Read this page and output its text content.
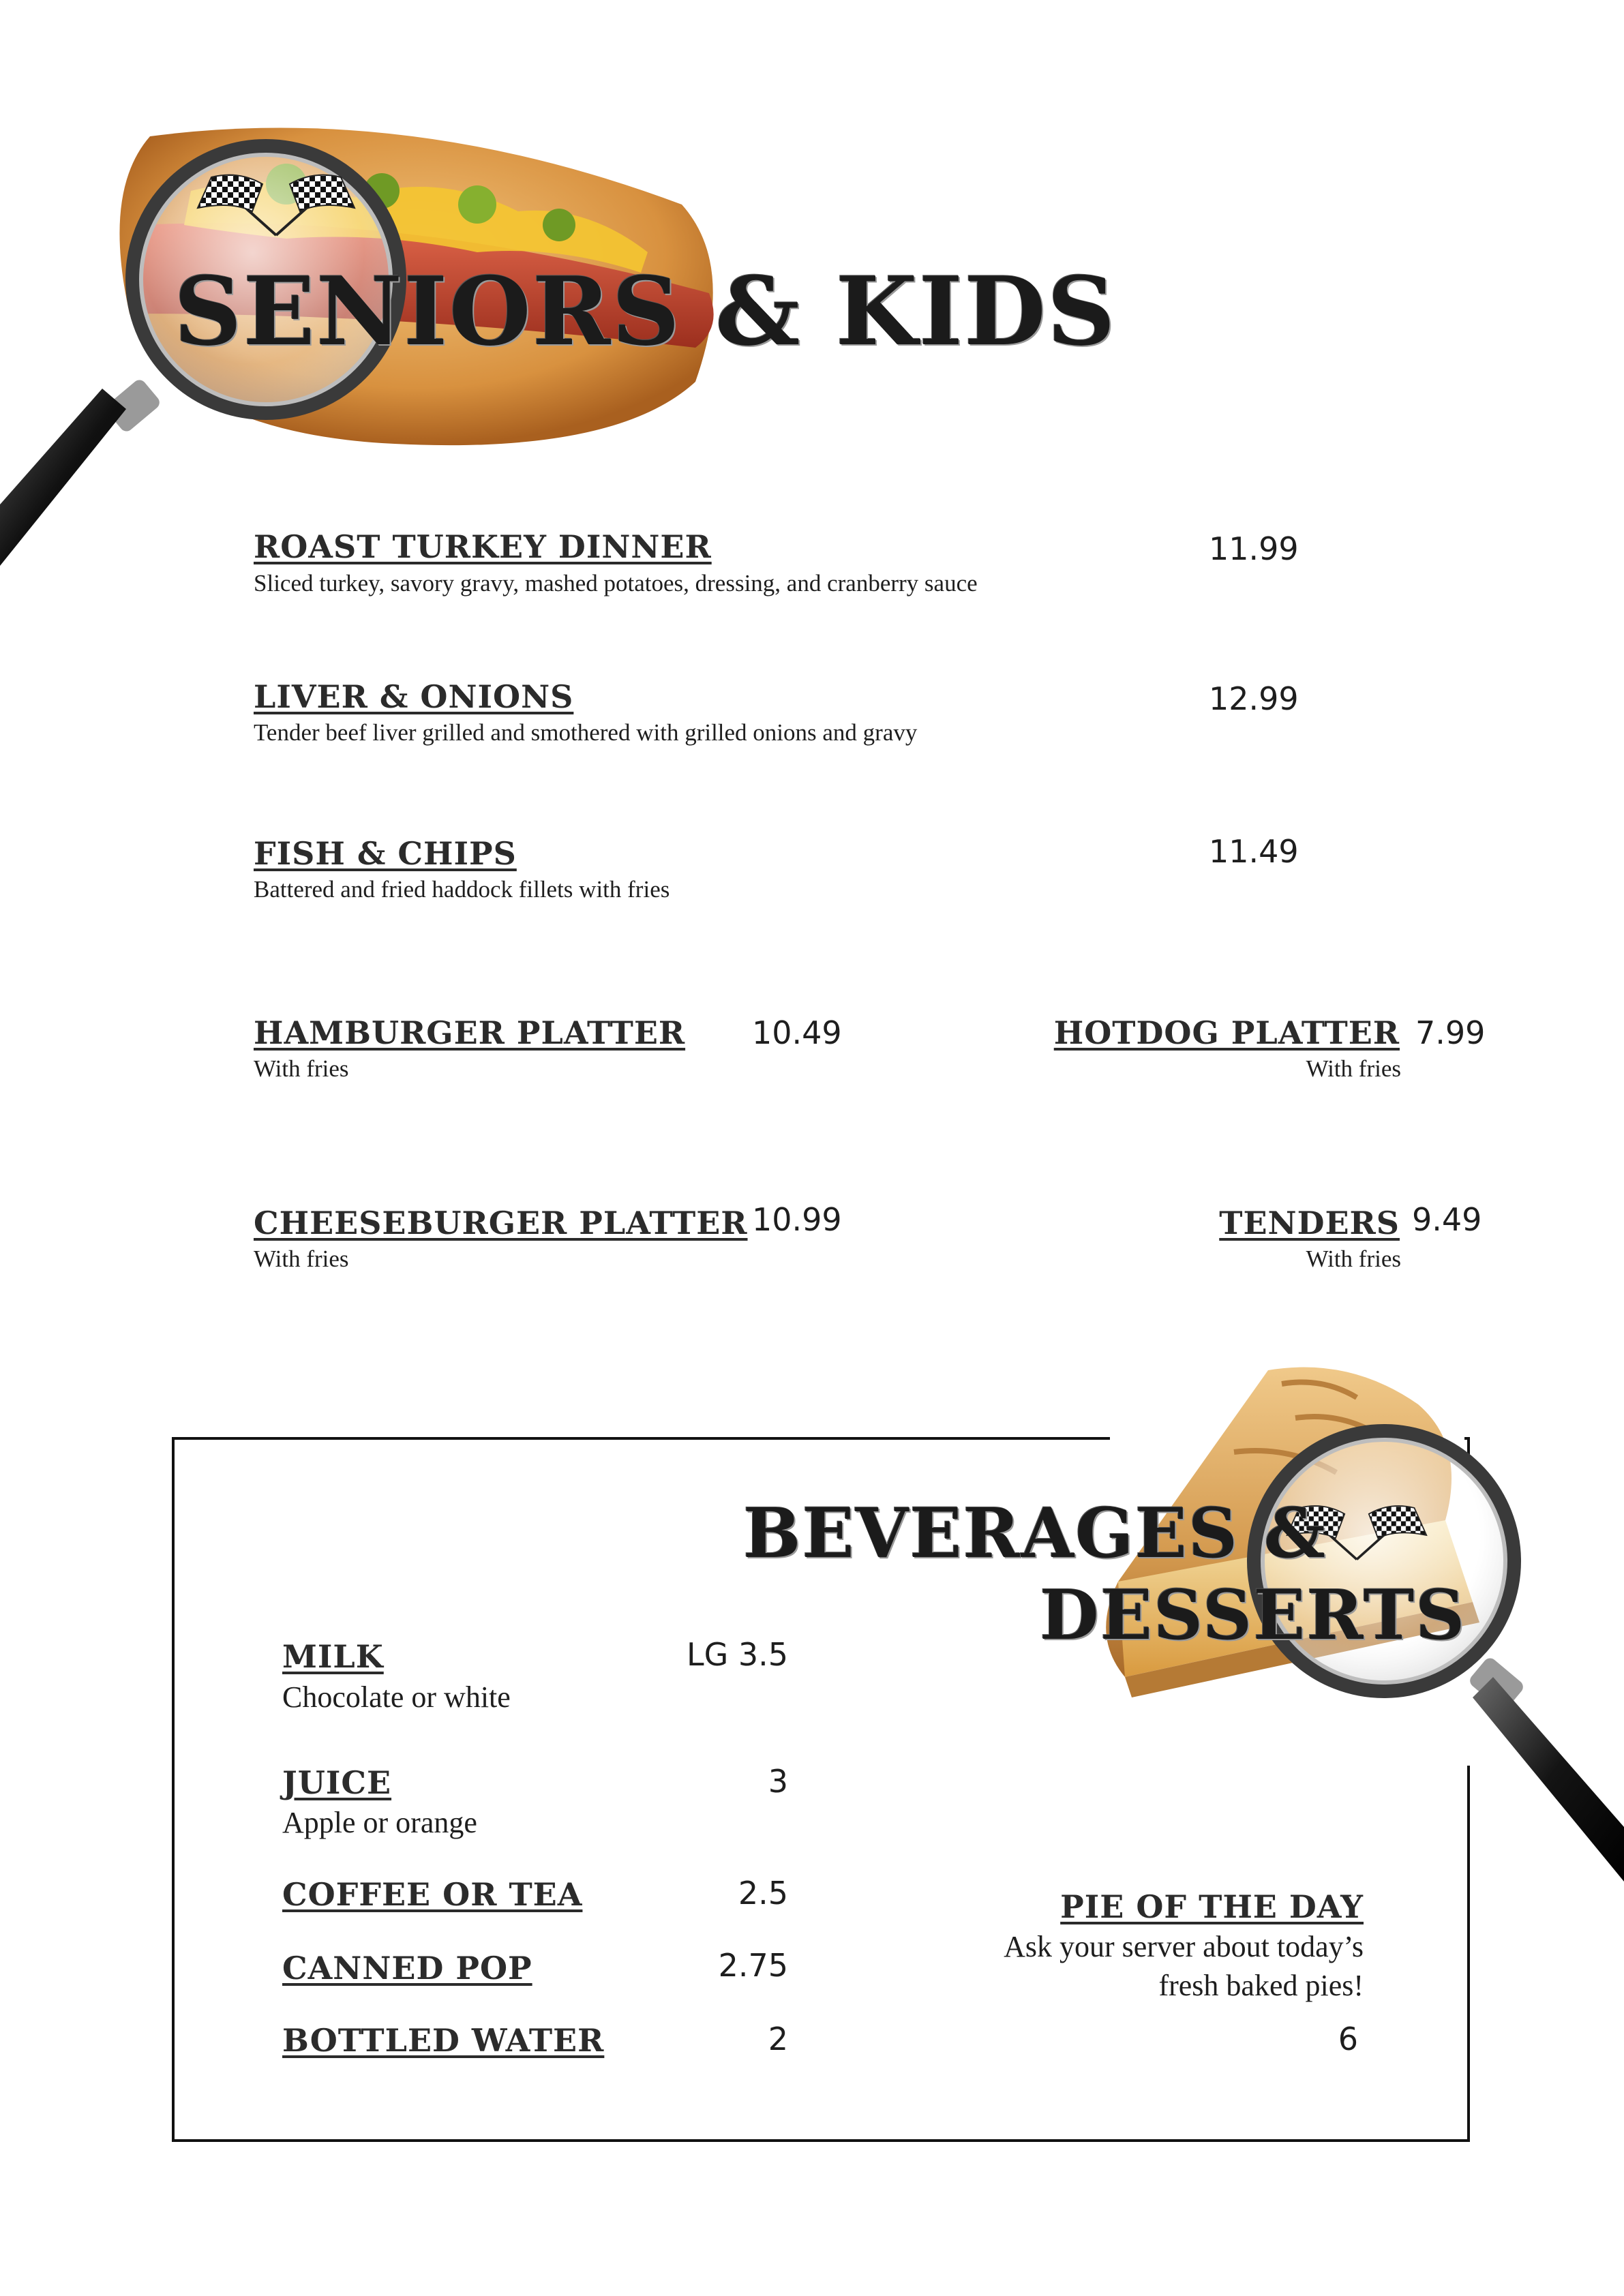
SENIORS & KIDS
ROAST TURKEY DINNER
Sliced turkey, savory gravy, mashed potatoes, dressing, and cranberry sauce
11.99
LIVER & ONIONS
Tender beef liver grilled and smothered with grilled onions and gravy
12.99
FISH & CHIPS
Battered and fried haddock fillets with fries
11.49
HAMBURGER PLATTER
With fries
10.49	HOTDOG PLATTER
With fries
7.99
CHEESEBURGER PLATTER
With fries
10.99	TENDERS
With fries
9.49
BEVERAGES &
DESSERTS
MILK
Chocolate or white
LG 3.5
JUICE
Apple or orange
3
COFFEE OR TEA	2.5
CANNED POP	2.75
BOTTLED WATER	2
PIE OF THE DAY
Ask your server about today’s
fresh baked pies!
6
